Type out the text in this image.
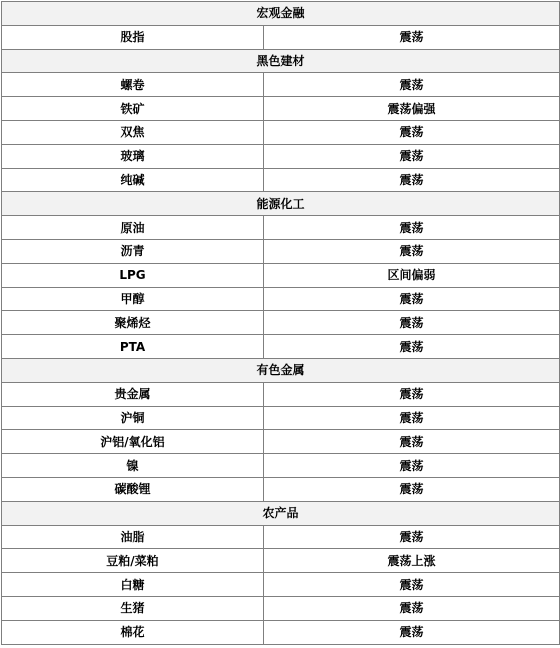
宏观金融	
股指	震荡
黑色建材	
螺卷	震荡
铁矿	震荡偏强
双焦	震荡
玻璃	震荡
纯碱	震荡
能源化工	
原油	震荡
沥青	震荡
LPG	区间偏弱
甲醇	震荡
聚烯烃	震荡
PTA	震荡
有色金属	
贵金属	震荡
沪铜	震荡
沪铝/氧化铝	震荡
镍	震荡
碳酸锂	震荡
农产品	
油脂	震荡
豆粕/菜粕	震荡上涨
白糖	震荡
生猪	震荡
棉花	震荡
